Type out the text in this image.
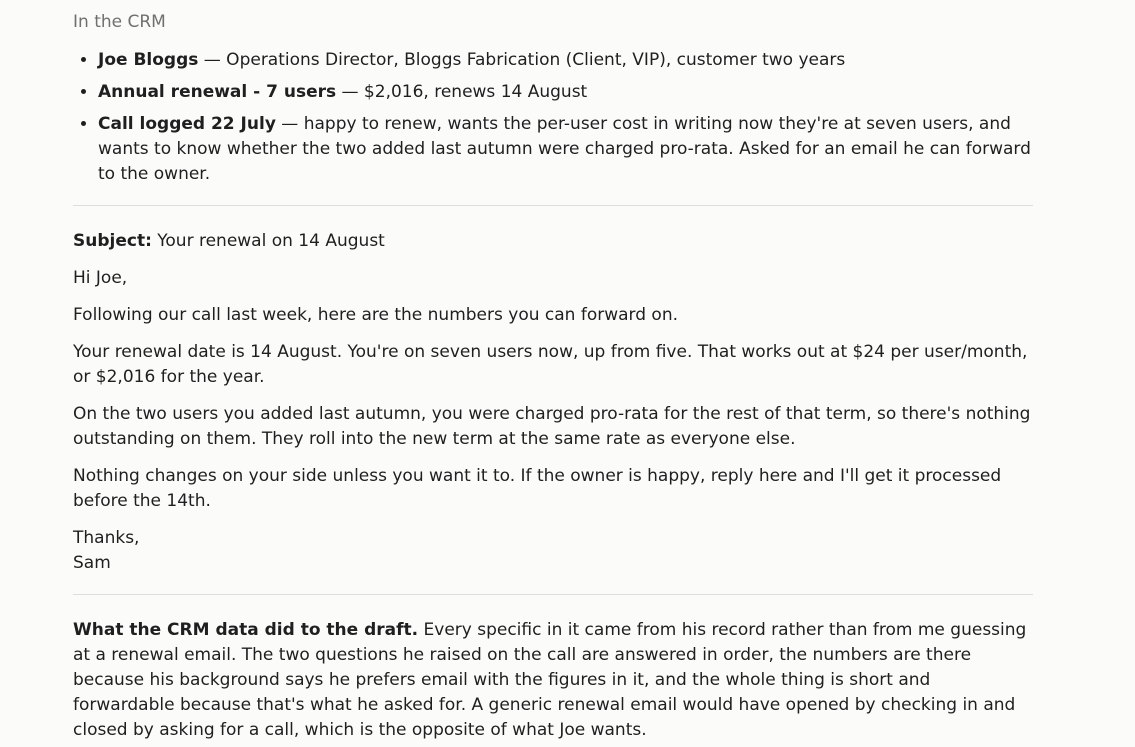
In the CRM
• Joe Bloggs — Operations Director, Bloggs Fabrication (Client, VIP), customer two years
• Annual renewal - 7 users — $2,016, renews 14 August
• Call logged 22 July — happy to renew, wants the per-user cost in writing now they're at seven users, and wants to know whether the two added last autumn were charged pro-rata. Asked for an email he can forward to the owner.

Subject: Your renewal on 14 August

Hi Joe,

Following our call last week, here are the numbers you can forward on.

Your renewal date is 14 August. You're on seven users now, up from five. That works out at $24 per user/month, or $2,016 for the year.

On the two users you added last autumn, you were charged pro-rata for the rest of that term, so there's nothing outstanding on them. They roll into the new term at the same rate as everyone else.

Nothing changes on your side unless you want it to. If the owner is happy, reply here and I'll get it processed before the 14th.

Thanks,
Sam

What the CRM data did to the draft. Every specific in it came from his record rather than from me guessing at a renewal email. The two questions he raised on the call are answered in order, the numbers are there because his background says he prefers email with the figures in it, and the whole thing is short and forwardable because that's what he asked for. A generic renewal email would have opened by checking in and closed by asking for a call, which is the opposite of what Joe wants.
